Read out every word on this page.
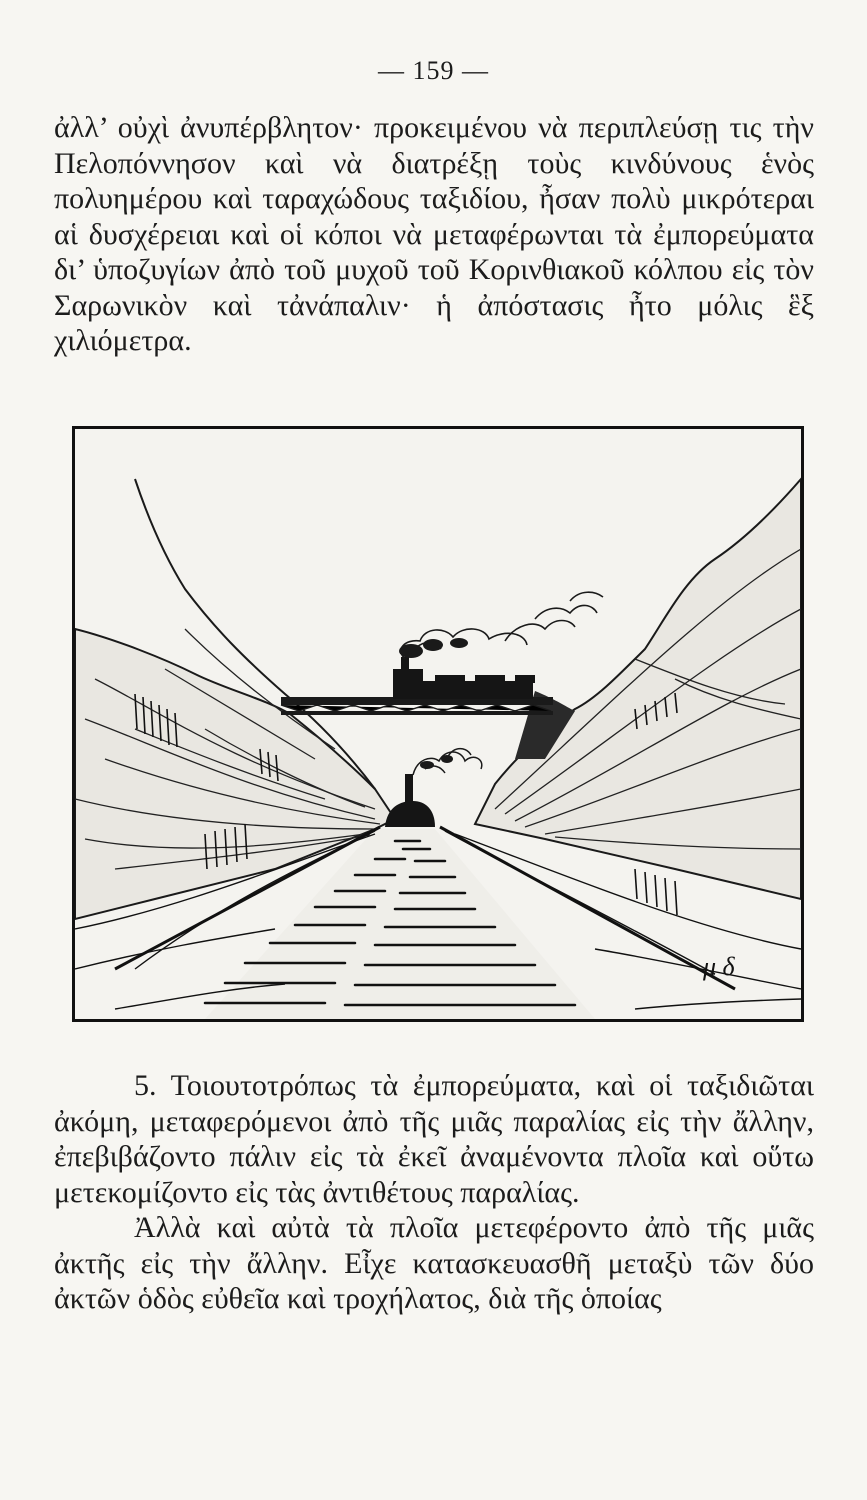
— 159 —

ἀλλ’ οὐχὶ ἀνυπέρβλητον· προκειμένου νὰ περιπλεύσῃ τις τὴν Πελοπόννησον καὶ νὰ διατρέξῃ τοὺς κινδύνους ἑνὸς πολυημέρου καὶ ταραχώδους ταξιδίου, ἦσαν πολὺ μικρότεραι αἱ δυσχέρειαι καὶ οἱ κόποι νὰ μεταφέρωνται τὰ ἐμπορεύματα δι’ ὑποζυγίων ἀπὸ τοῦ μυχοῦ τοῦ Κορινθιακοῦ κόλπου εἰς τὸν Σαρωνικὸν καὶ τἀνάπαλιν· ἡ ἀπόστασις ἦτο μόλις ἓξ χιλιόμετρα.

μ δ

5. Τοιουτοτρόπως τὰ ἐμπορεύματα, καὶ οἱ ταξιδιῶται ἀκόμη, μεταφερόμενοι ἀπὸ τῆς μιᾶς παραλίας εἰς τὴν ἄλλην, ἐπεβιβάζοντο πάλιν εἰς τὰ ἐκεῖ ἀναμένοντα πλοῖα καὶ οὕτω μετεκομίζοντο εἰς τὰς ἀντιθέτους παραλίας.

Ἀλλὰ καὶ αὐτὰ τὰ πλοῖα μετεφέροντο ἀπὸ τῆς μιᾶς ἀκτῆς εἰς τὴν ἄλλην. Εἶχε κατασκευασθῆ μεταξὺ τῶν δύο ἀκτῶν ὁδὸς εὐθεῖα καὶ τροχήλατος, διὰ τῆς ὁποίας
